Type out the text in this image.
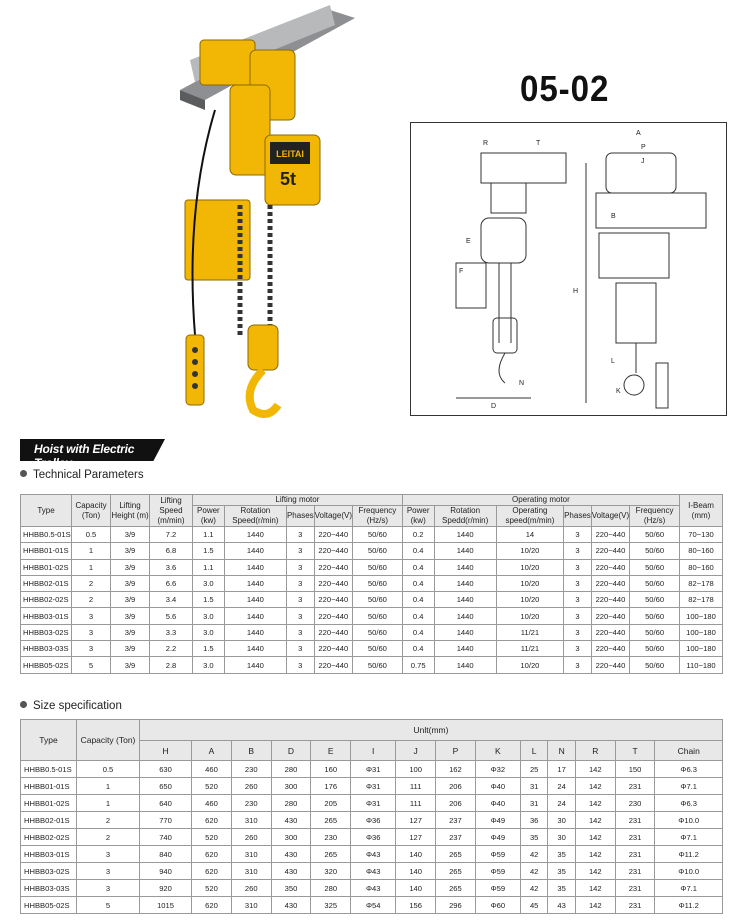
LEITAI
5t
05-02
R	T
A
P
J
B
E
F
H
L
K
D
N
Hoist with Electric Trolley
Technical Parameters
Type	Capacity (Ton)	Lifting Height (m)	Lifting Speed (m/min)	Lifting motor					Operating motor						I-Beam (mm)
				Power (kw)	Rotation Speed(r/min)	Phases	Voltage(V)	Frequency (Hz/s)	Power (kw)	Rotation Spedd(r/min)	Operating speed(m/min)	Phases	Voltage(V)	Frequency (Hz/s)	
HHBB0.5-01S	0.5	3/9	7.2	1.1	1440	3	220~440	50/60	0.2	1440	14	3	220~440	50/60	70~130
HHBB01-01S	1	3/9	6.8	1.5	1440	3	220~440	50/60	0.4	1440	10/20	3	220~440	50/60	80~160
HHBB01-02S	1	3/9	3.6	1.1	1440	3	220~440	50/60	0.4	1440	10/20	3	220~440	50/60	80~160
HHBB02-01S	2	3/9	6.6	3.0	1440	3	220~440	50/60	0.4	1440	10/20	3	220~440	50/60	82~178
HHBB02-02S	2	3/9	3.4	1.5	1440	3	220~440	50/60	0.4	1440	10/20	3	220~440	50/60	82~178
HHBB03-01S	3	3/9	5.6	3.0	1440	3	220~440	50/60	0.4	1440	10/20	3	220~440	50/60	100~180
HHBB03-02S	3	3/9	3.3	3.0	1440	3	220~440	50/60	0.4	1440	11/21	3	220~440	50/60	100~180
HHBB03-03S	3	3/9	2.2	1.5	1440	3	220~440	50/60	0.4	1440	11/21	3	220~440	50/60	100~180
HHBB05-02S	5	3/9	2.8	3.0	1440	3	220~440	50/60	0.75	1440	10/20	3	220~440	50/60	110~180
Size specification
Type	Capacity (Ton)	Unlt(mm)													
		H	A	B	D	E	I	J	P	K	L	N	R	T	Chain
HHBB0.5-01S	0.5	630	460	230	280	160	Φ31	100	162	Φ32	25	17	142	150	Φ6.3
HHBB01-01S	1	650	520	260	300	176	Φ31	111	206	Φ40	31	24	142	231	Φ7.1
HHBB01-02S	1	640	460	230	280	205	Φ31	111	206	Φ40	31	24	142	230	Φ6.3
HHBB02-01S	2	770	620	310	430	265	Φ36	127	237	Φ49	36	30	142	231	Φ10.0
HHBB02-02S	2	740	520	260	300	230	Φ36	127	237	Φ49	35	30	142	231	Φ7.1
HHBB03-01S	3	840	620	310	430	265	Φ43	140	265	Φ59	42	35	142	231	Φ11.2
HHBB03-02S	3	940	620	310	430	320	Φ43	140	265	Φ59	42	35	142	231	Φ10.0
HHBB03-03S	3	920	520	260	350	280	Φ43	140	265	Φ59	42	35	142	231	Φ7.1
HHBB05-02S	5	1015	620	310	430	325	Φ54	156	296	Φ60	45	43	142	231	Φ11.2
